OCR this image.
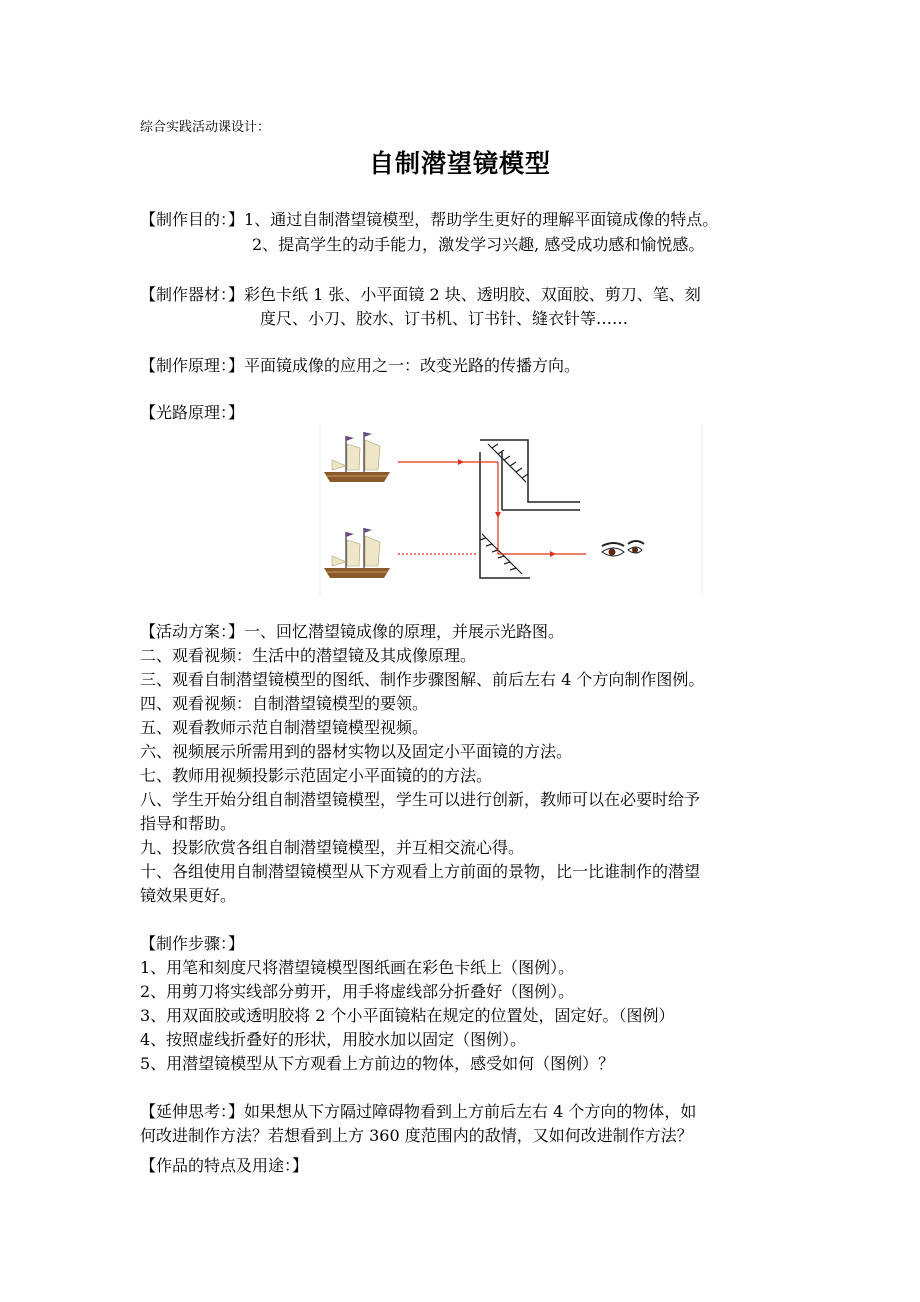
综合实践活动课设计：
自制潜望镜模型
【制作目的：】1、通过自制潜望镜模型，帮助学生更好的理解平面镜成像的特点。
2、提高学生的动手能力，激发学习兴趣, 感受成功感和愉悦感。
【制作器材：】彩色卡纸 1 张、小平面镜 2 块、透明胶、双面胶、剪刀、笔、刻
度尺、小刀、胶水、订书机、订书针、缝衣针等……
【制作原理：】平面镜成像的应用之一：改变光路的传播方向。
【光路原理：】
【活动方案：】一、回忆潜望镜成像的原理，并展示光路图。
二、观看视频：生活中的潜望镜及其成像原理。
三、观看自制潜望镜模型的图纸、制作步骤图解、前后左右 4 个方向制作图例。
四、观看视频：自制潜望镜模型的要领。
五、观看教师示范自制潜望镜模型视频。
六、视频展示所需用到的器材实物以及固定小平面镜的方法。
七、教师用视频投影示范固定小平面镜的的方法。
八、学生开始分组自制潜望镜模型，学生可以进行创新，教师可以在必要时给予
指导和帮助。
九、投影欣赏各组自制潜望镜模型，并互相交流心得。
十、各组使用自制潜望镜模型从下方观看上方前面的景物，比一比谁制作的潜望
镜效果更好。
【制作步骤：】
1、用笔和刻度尺将潜望镜模型图纸画在彩色卡纸上（图例）。
2、用剪刀将实线部分剪开，用手将虚线部分折叠好（图例）。
3、用双面胶或透明胶将 2 个小平面镜粘在规定的位置处，固定好。（图例）
4、按照虚线折叠好的形状，用胶水加以固定（图例）。
5、用潜望镜模型从下方观看上方前边的物体，感受如何（图例）？
【延伸思考：】如果想从下方隔过障碍物看到上方前后左右 4 个方向的物体，如
何改进制作方法？若想看到上方 360 度范围内的敌情，又如何改进制作方法？
【作品的特点及用途：】
